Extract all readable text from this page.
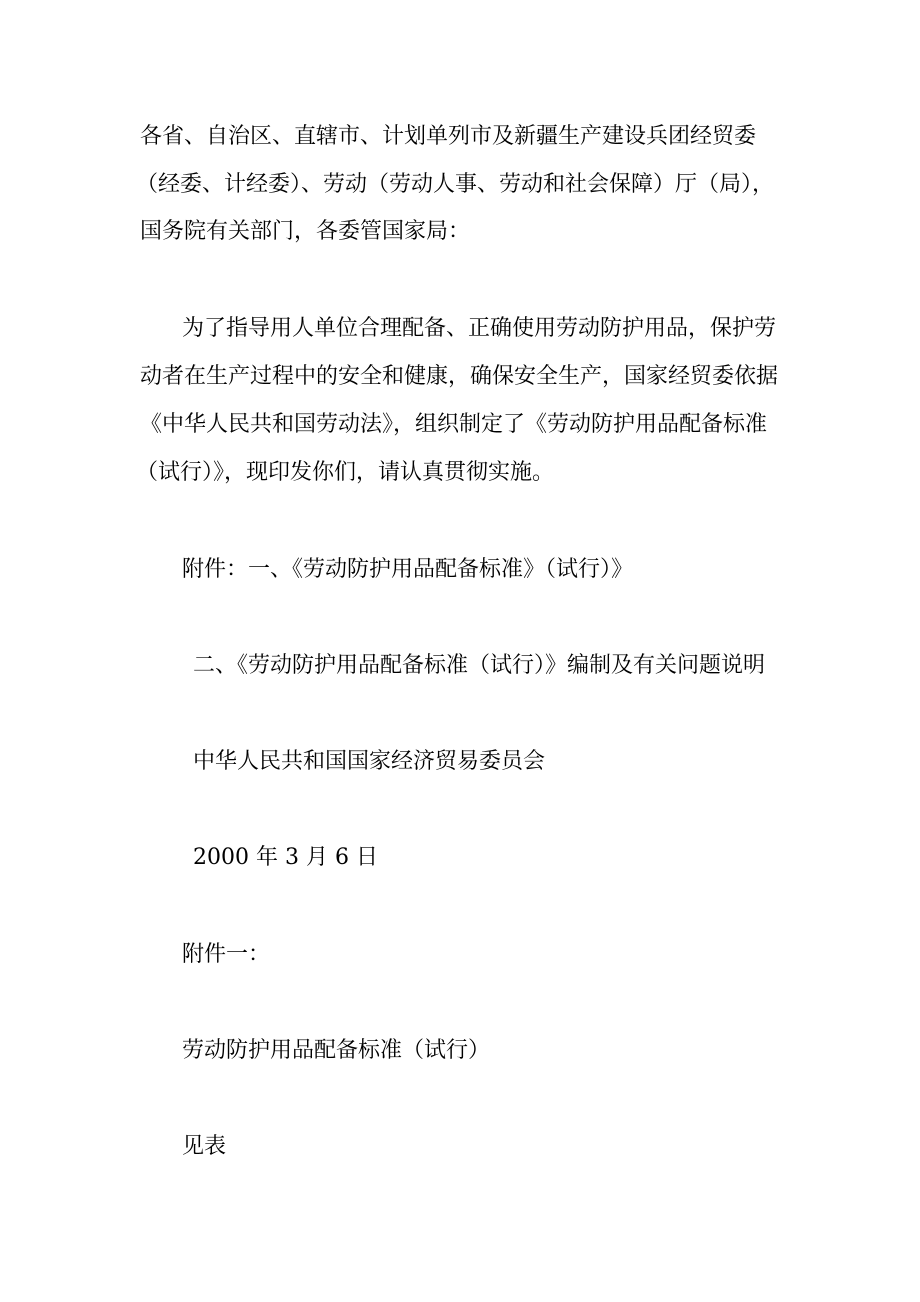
各省、自治区、直辖市、计划单列市及新疆生产建设兵团经贸委

（经委、计经委）、劳动（劳动人事、劳动和社会保障）厅（局），

国务院有关部门，各委管国家局：

为了指导用人单位合理配备、正确使用劳动防护用品，保护劳

动者在生产过程中的安全和健康，确保安全生产，国家经贸委依据

《中华人民共和国劳动法》，组织制定了《劳动防护用品配备标准

（试行）》，现印发你们，请认真贯彻实施。

附件：一、《劳动防护用品配备标准》（试行）》

二、《劳动防护用品配备标准（试行）》编制及有关问题说明

中华人民共和国国家经济贸易委员会

2000 年 3 月 6 日

附件一：

劳动防护用品配备标准（试行）

见表
